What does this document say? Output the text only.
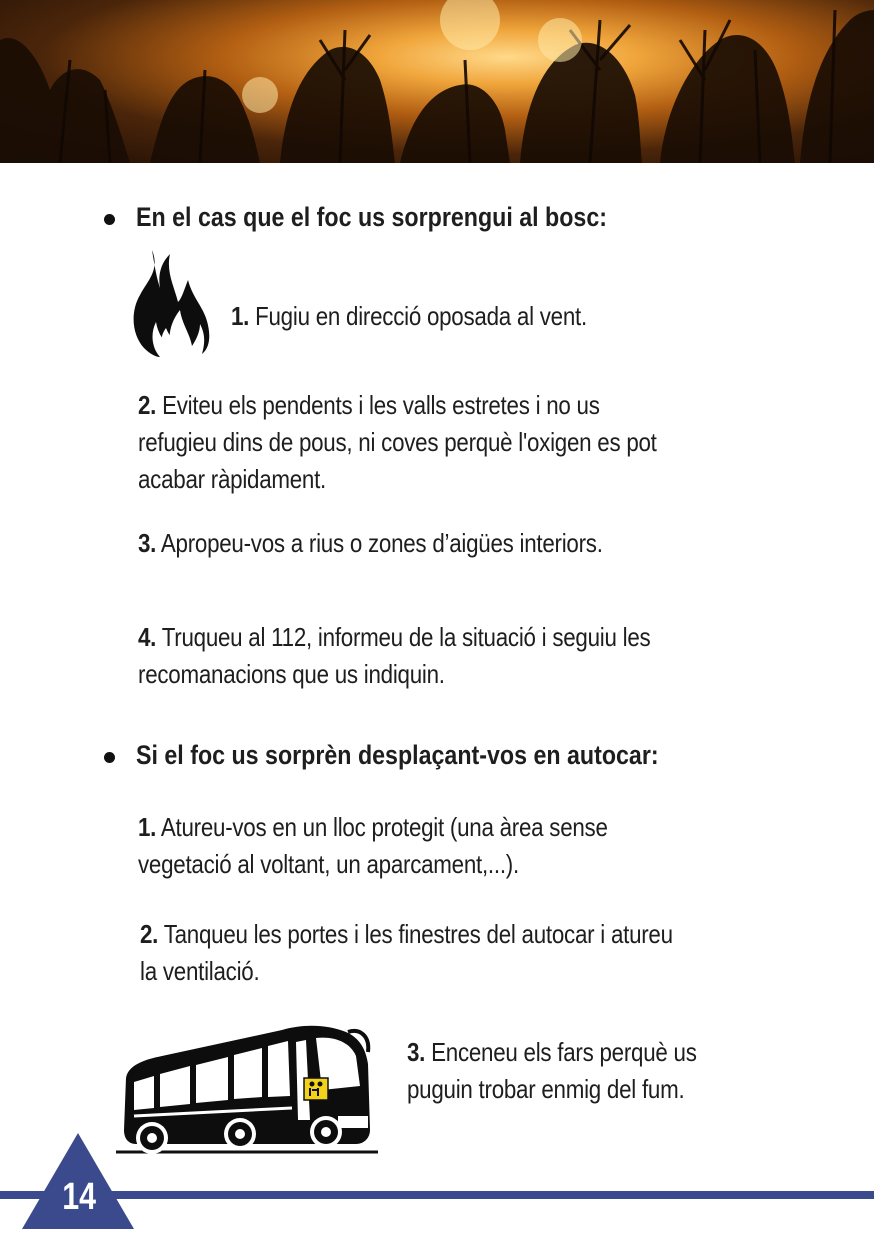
En el cas que el foc us sorprengui al bosc:
1. Fugiu en direcció oposada al vent.
2. Eviteu els pendents i les valls estretes i no us
refugieu dins de pous, ni coves perquè l'oxigen es pot
acabar ràpidament.
3. Apropeu-vos a rius o zones d’aigües interiors.
4. Truqueu al 112, informeu de la situació i seguiu les
recomanacions que us indiquin.
Si el foc us sorprèn desplaçant-vos en autocar:
1. Atureu-vos en un lloc protegit (una àrea sense
vegetació al voltant, un aparcament,...).
2. Tanqueu les portes i les finestres del autocar i atureu
la ventilació.
3. Enceneu els fars perquè us
puguin trobar enmig del fum.
14
